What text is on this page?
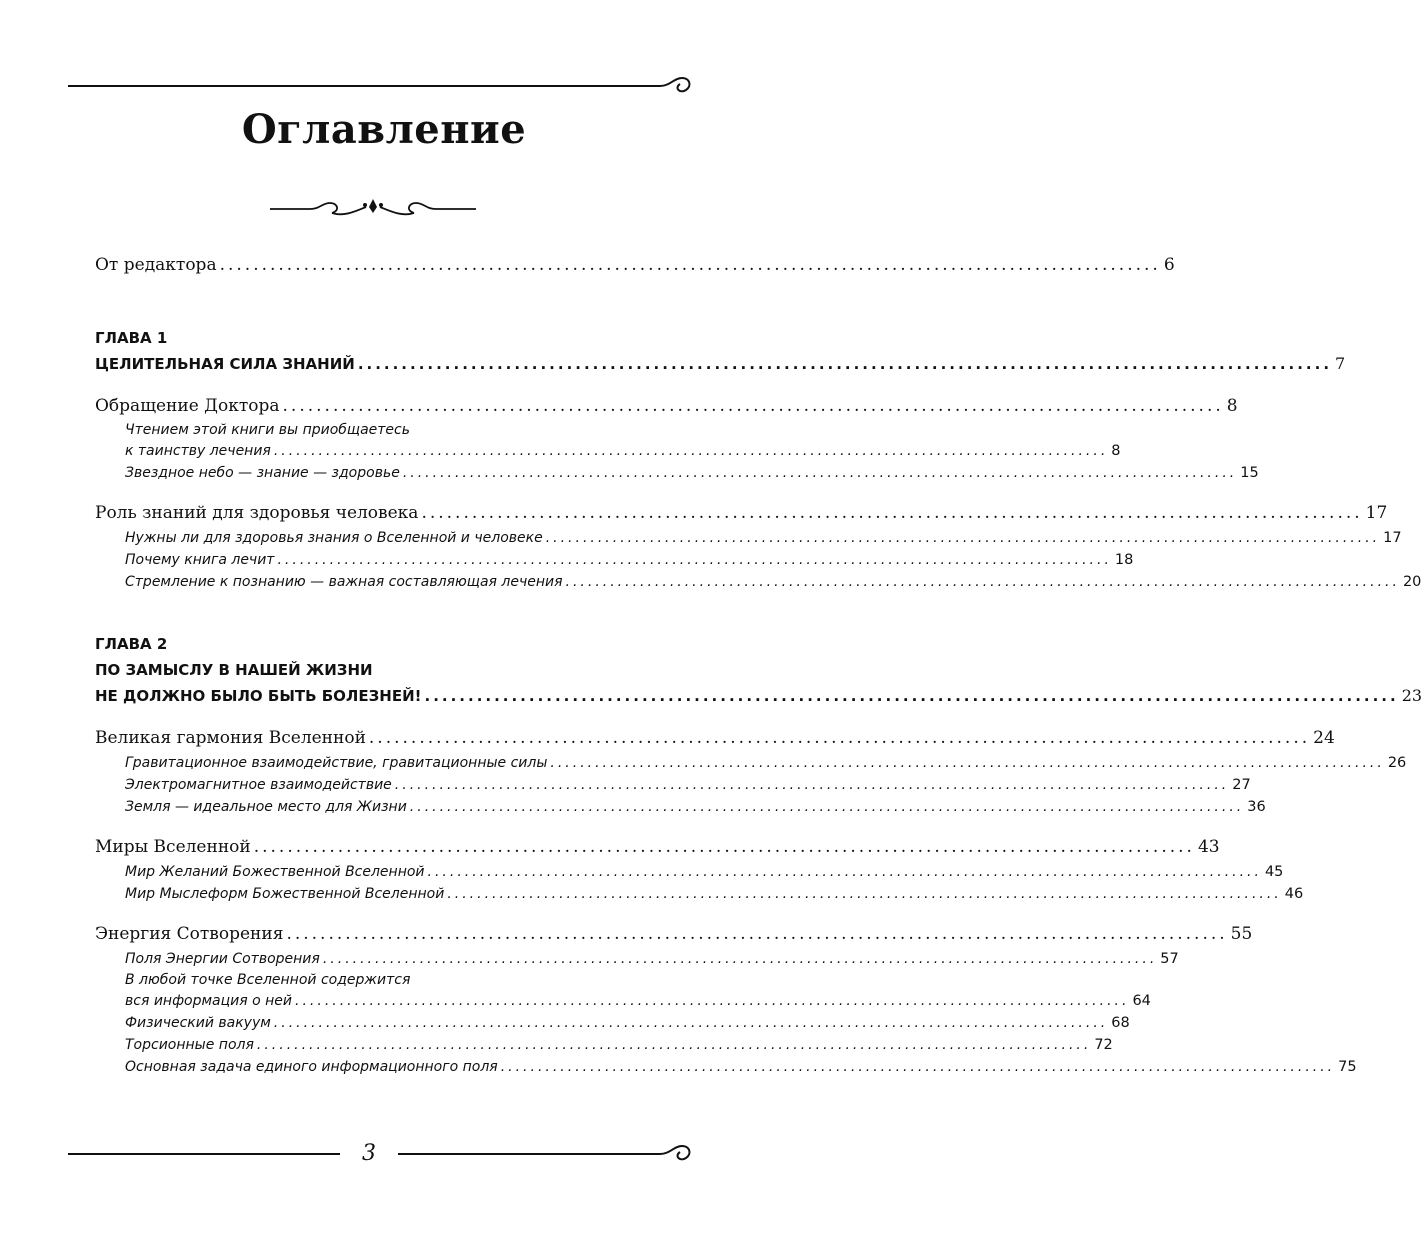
Оглавление
От редактора ................................................................................................................ 6
ГЛАВА 1
ЦЕЛИТЕЛЬНАЯ СИЛА ЗНАНИЙ ................................................................................................................ 7
Обращение Доктора ................................................................................................................ 8
Чтением этой книги вы приобщаетесь
к таинству лечения ................................................................................................................ 8
Звездное небо — знание — здоровье ................................................................................................................ 15
Роль знаний для здоровья человека ................................................................................................................ 17
Нужны ли для здоровья знания о Вселенной и человеке ................................................................................................................ 17
Почему книга лечит ................................................................................................................ 18
Стремление к познанию — важная составляющая лечения ................................................................................................................ 20
ГЛАВА 2
ПО ЗАМЫСЛУ В НАШЕЙ ЖИЗНИ
НЕ ДОЛЖНО БЫЛО БЫТЬ БОЛЕЗНЕЙ! ................................................................................................................ 23
Великая гармония Вселенной ................................................................................................................ 24
Гравитационное взаимодействие, гравитационные силы ................................................................................................................ 26
Электромагнитное взаимодействие ................................................................................................................ 27
Земля — идеальное место для Жизни ................................................................................................................ 36
Миры Вселенной ................................................................................................................ 43
Мир Желаний Божественной Вселенной ................................................................................................................ 45
Мир Мыслеформ Божественной Вселенной ................................................................................................................ 46
Энергия Сотворения ................................................................................................................ 55
Поля Энергии Сотворения ................................................................................................................ 57
В любой точке Вселенной содержится
вся информация о ней ................................................................................................................ 64
Физический вакуум ................................................................................................................ 68
Торсионные поля ................................................................................................................ 72
Основная задача единого информационного поля ................................................................................................................ 75
3
